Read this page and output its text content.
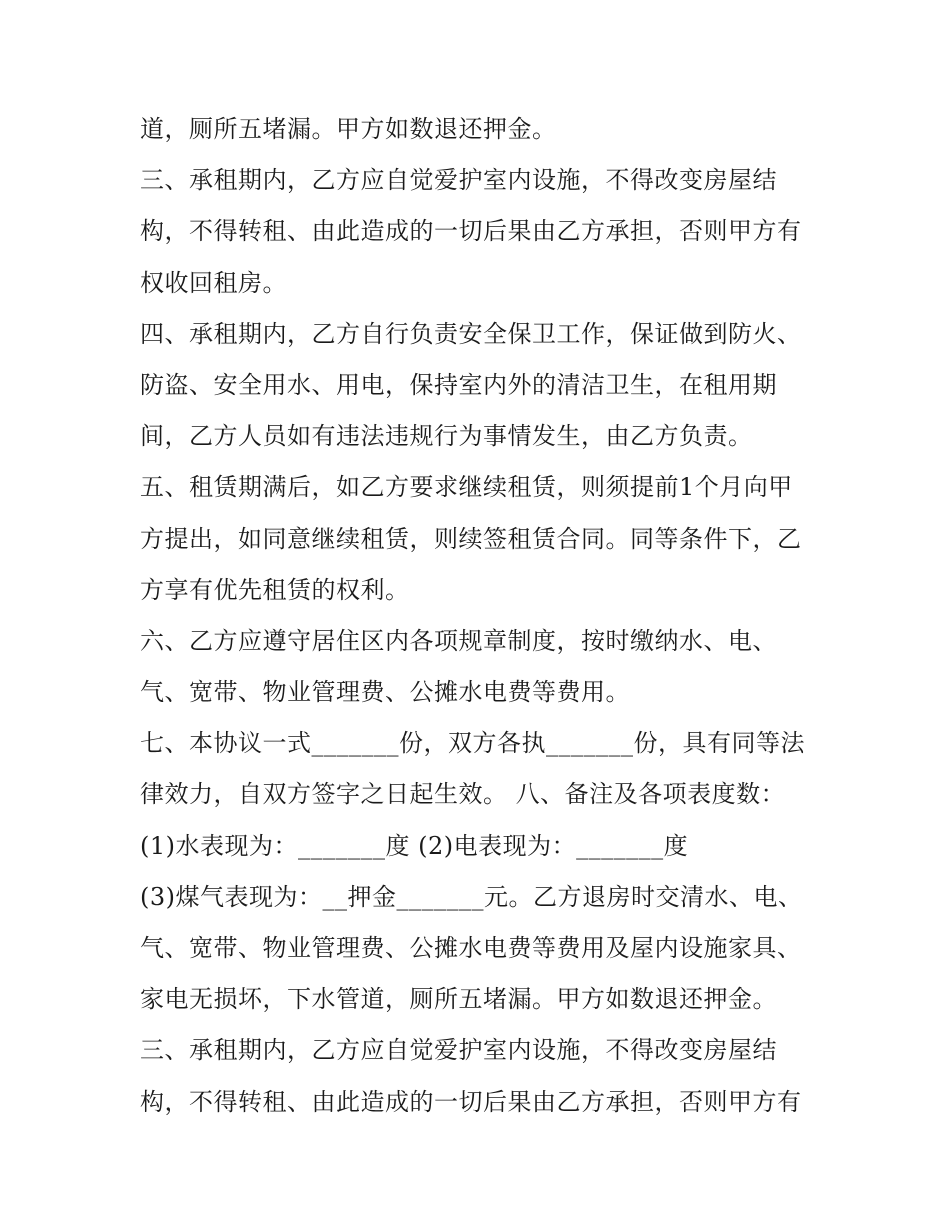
道，厕所五堵漏。甲方如数退还押金。
三、承租期内，乙方应自觉爱护室内设施，不得改变房屋结
构，不得转租、由此造成的一切后果由乙方承担，否则甲方有
权收回租房。
四、承租期内，乙方自行负责安全保卫工作，保证做到防火、
防盗、安全用水、用电，保持室内外的清洁卫生，在租用期
间，乙方人员如有违法违规行为事情发生，由乙方负责。
五、租赁期满后，如乙方要求继续租赁，则须提前1个月向甲
方提出，如同意继续租赁，则续签租赁合同。同等条件下，乙
方享有优先租赁的权利。
六、乙方应遵守居住区内各项规章制度，按时缴纳水、电、
气、宽带、物业管理费、公摊水电费等费用。
七、本协议一式_______份，双方各执_______份，具有同等法
律效力，自双方签字之日起生效。 八、备注及各项表度数：
(1)水表现为：_______度 (2)电表现为：_______度
(3)煤气表现为：__押金_______元。乙方退房时交清水、电、
气、宽带、物业管理费、公摊水电费等费用及屋内设施家具、
家电无损坏，下水管道，厕所五堵漏。甲方如数退还押金。
三、承租期内，乙方应自觉爱护室内设施，不得改变房屋结
构，不得转租、由此造成的一切后果由乙方承担，否则甲方有
